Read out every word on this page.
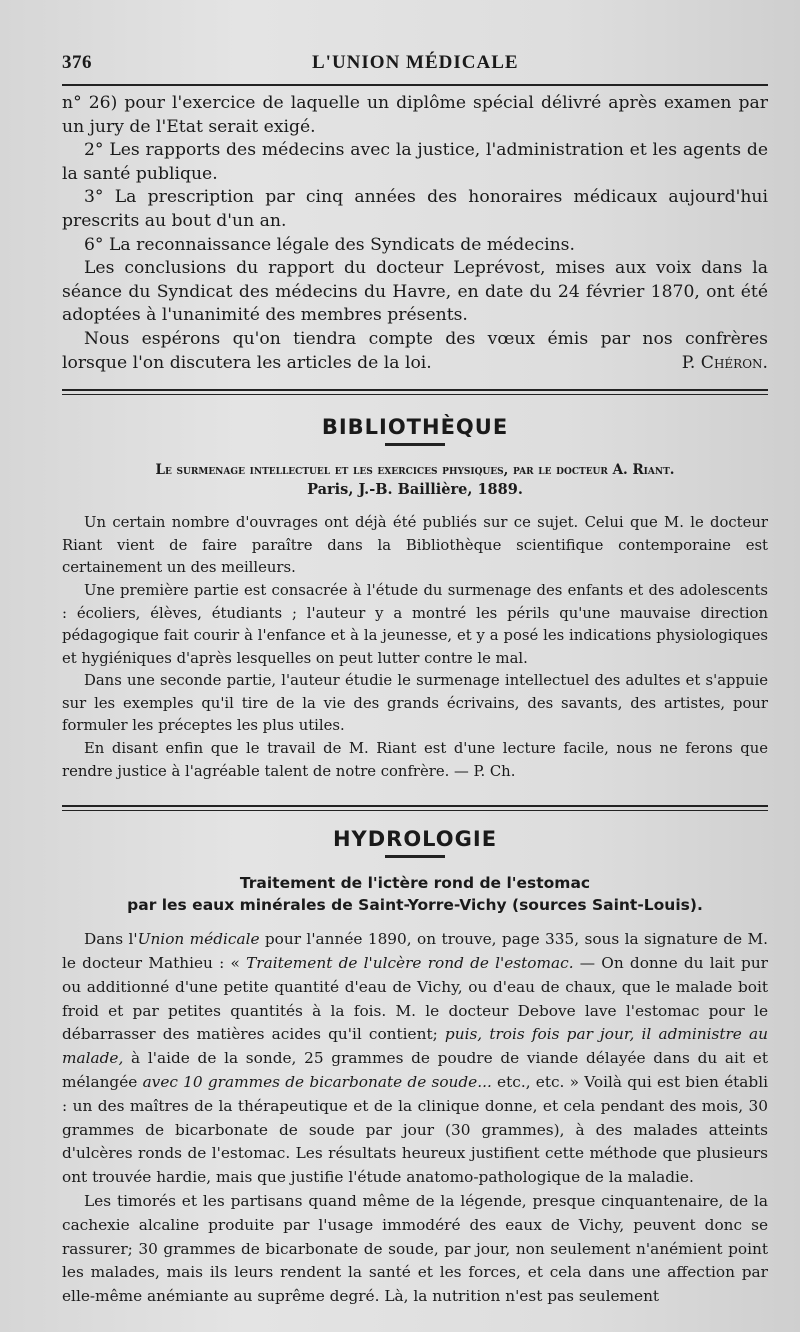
376	L'UNION MÉDICALE

n° 26) pour l'exercice de laquelle un diplôme spécial délivré après examen par un jury de l'Etat serait exigé.

2° Les rapports des médecins avec la justice, l'administration et les agents de la santé publique.

3° La prescription par cinq années des honoraires médicaux aujourd'hui prescrits au bout d'un an.

6° La reconnaissance légale des Syndicats de médecins.

Les conclusions du rapport du docteur Leprévost, mises aux voix dans la séance du Syndicat des médecins du Havre, en date du 24 février 1870, ont été adoptées à l'unanimité des membres présents.

Nous espérons qu'on tiendra compte des vœux émis par nos confrères lorsque l'on discutera les articles de la loi.	P. Chéron.

BIBLIOTHÈQUE
Le surmenage intellectuel et les exercices physiques, par le docteur A. Riant.
Paris, J.-B. Baillière, 1889.

Un certain nombre d'ouvrages ont déjà été publiés sur ce sujet. Celui que M. le docteur Riant vient de faire paraître dans la Bibliothèque scientifique contemporaine est certainement un des meilleurs.

Une première partie est consacrée à l'étude du surmenage des enfants et des adolescents : écoliers, élèves, étudiants ; l'auteur y a montré les périls qu'une mauvaise direction pédagogique fait courir à l'enfance et à la jeunesse, et y a posé les indications physiologiques et hygiéniques d'après lesquelles on peut lutter contre le mal.

Dans une seconde partie, l'auteur étudie le surmenage intellectuel des adultes et s'appuie sur les exemples qu'il tire de la vie des grands écrivains, des savants, des artistes, pour formuler les préceptes les plus utiles.

En disant enfin que le travail de M. Riant est d'une lecture facile, nous ne ferons que rendre justice à l'agréable talent de notre confrère. — P. Ch.

HYDROLOGIE
Traitement de l'ictère rond de l'estomac
par les eaux minérales de Saint-Yorre-Vichy (sources Saint-Louis).

Dans l'Union médicale pour l'année 1890, on trouve, page 335, sous la signature de M. le docteur Mathieu : « Traitement de l'ulcère rond de l'estomac. — On donne du lait pur ou additionné d'une petite quantité d'eau de Vichy, ou d'eau de chaux, que le malade boit froid et par petites quantités à la fois. M. le docteur Debove lave l'estomac pour le débarrasser des matières acides qu'il contient; puis, trois fois par jour, il administre au malade, à l'aide de la sonde, 25 grammes de poudre de viande délayée dans du ait et mélangée avec 10 grammes de bicarbonate de soude... etc., etc. » Voilà qui est bien établi : un des maîtres de la thérapeutique et de la clinique donne, et cela pendant des mois, 30 grammes de bicarbonate de soude par jour (30 grammes), à des malades atteints d'ulcères ronds de l'estomac. Les résultats heureux justifient cette méthode que plusieurs ont trouvée hardie, mais que justifie l'étude anatomo-pathologique de la maladie.

Les timorés et les partisans quand même de la légende, presque cinquantenaire, de la cachexie alcaline produite par l'usage immodéré des eaux de Vichy, peuvent donc se rassurer; 30 grammes de bicarbonate de soude, par jour, non seulement n'anémient point les malades, mais ils leurs rendent la santé et les forces, et cela dans une affection par elle-même anémiante au suprême degré. Là, la nutrition n'est pas seulement
